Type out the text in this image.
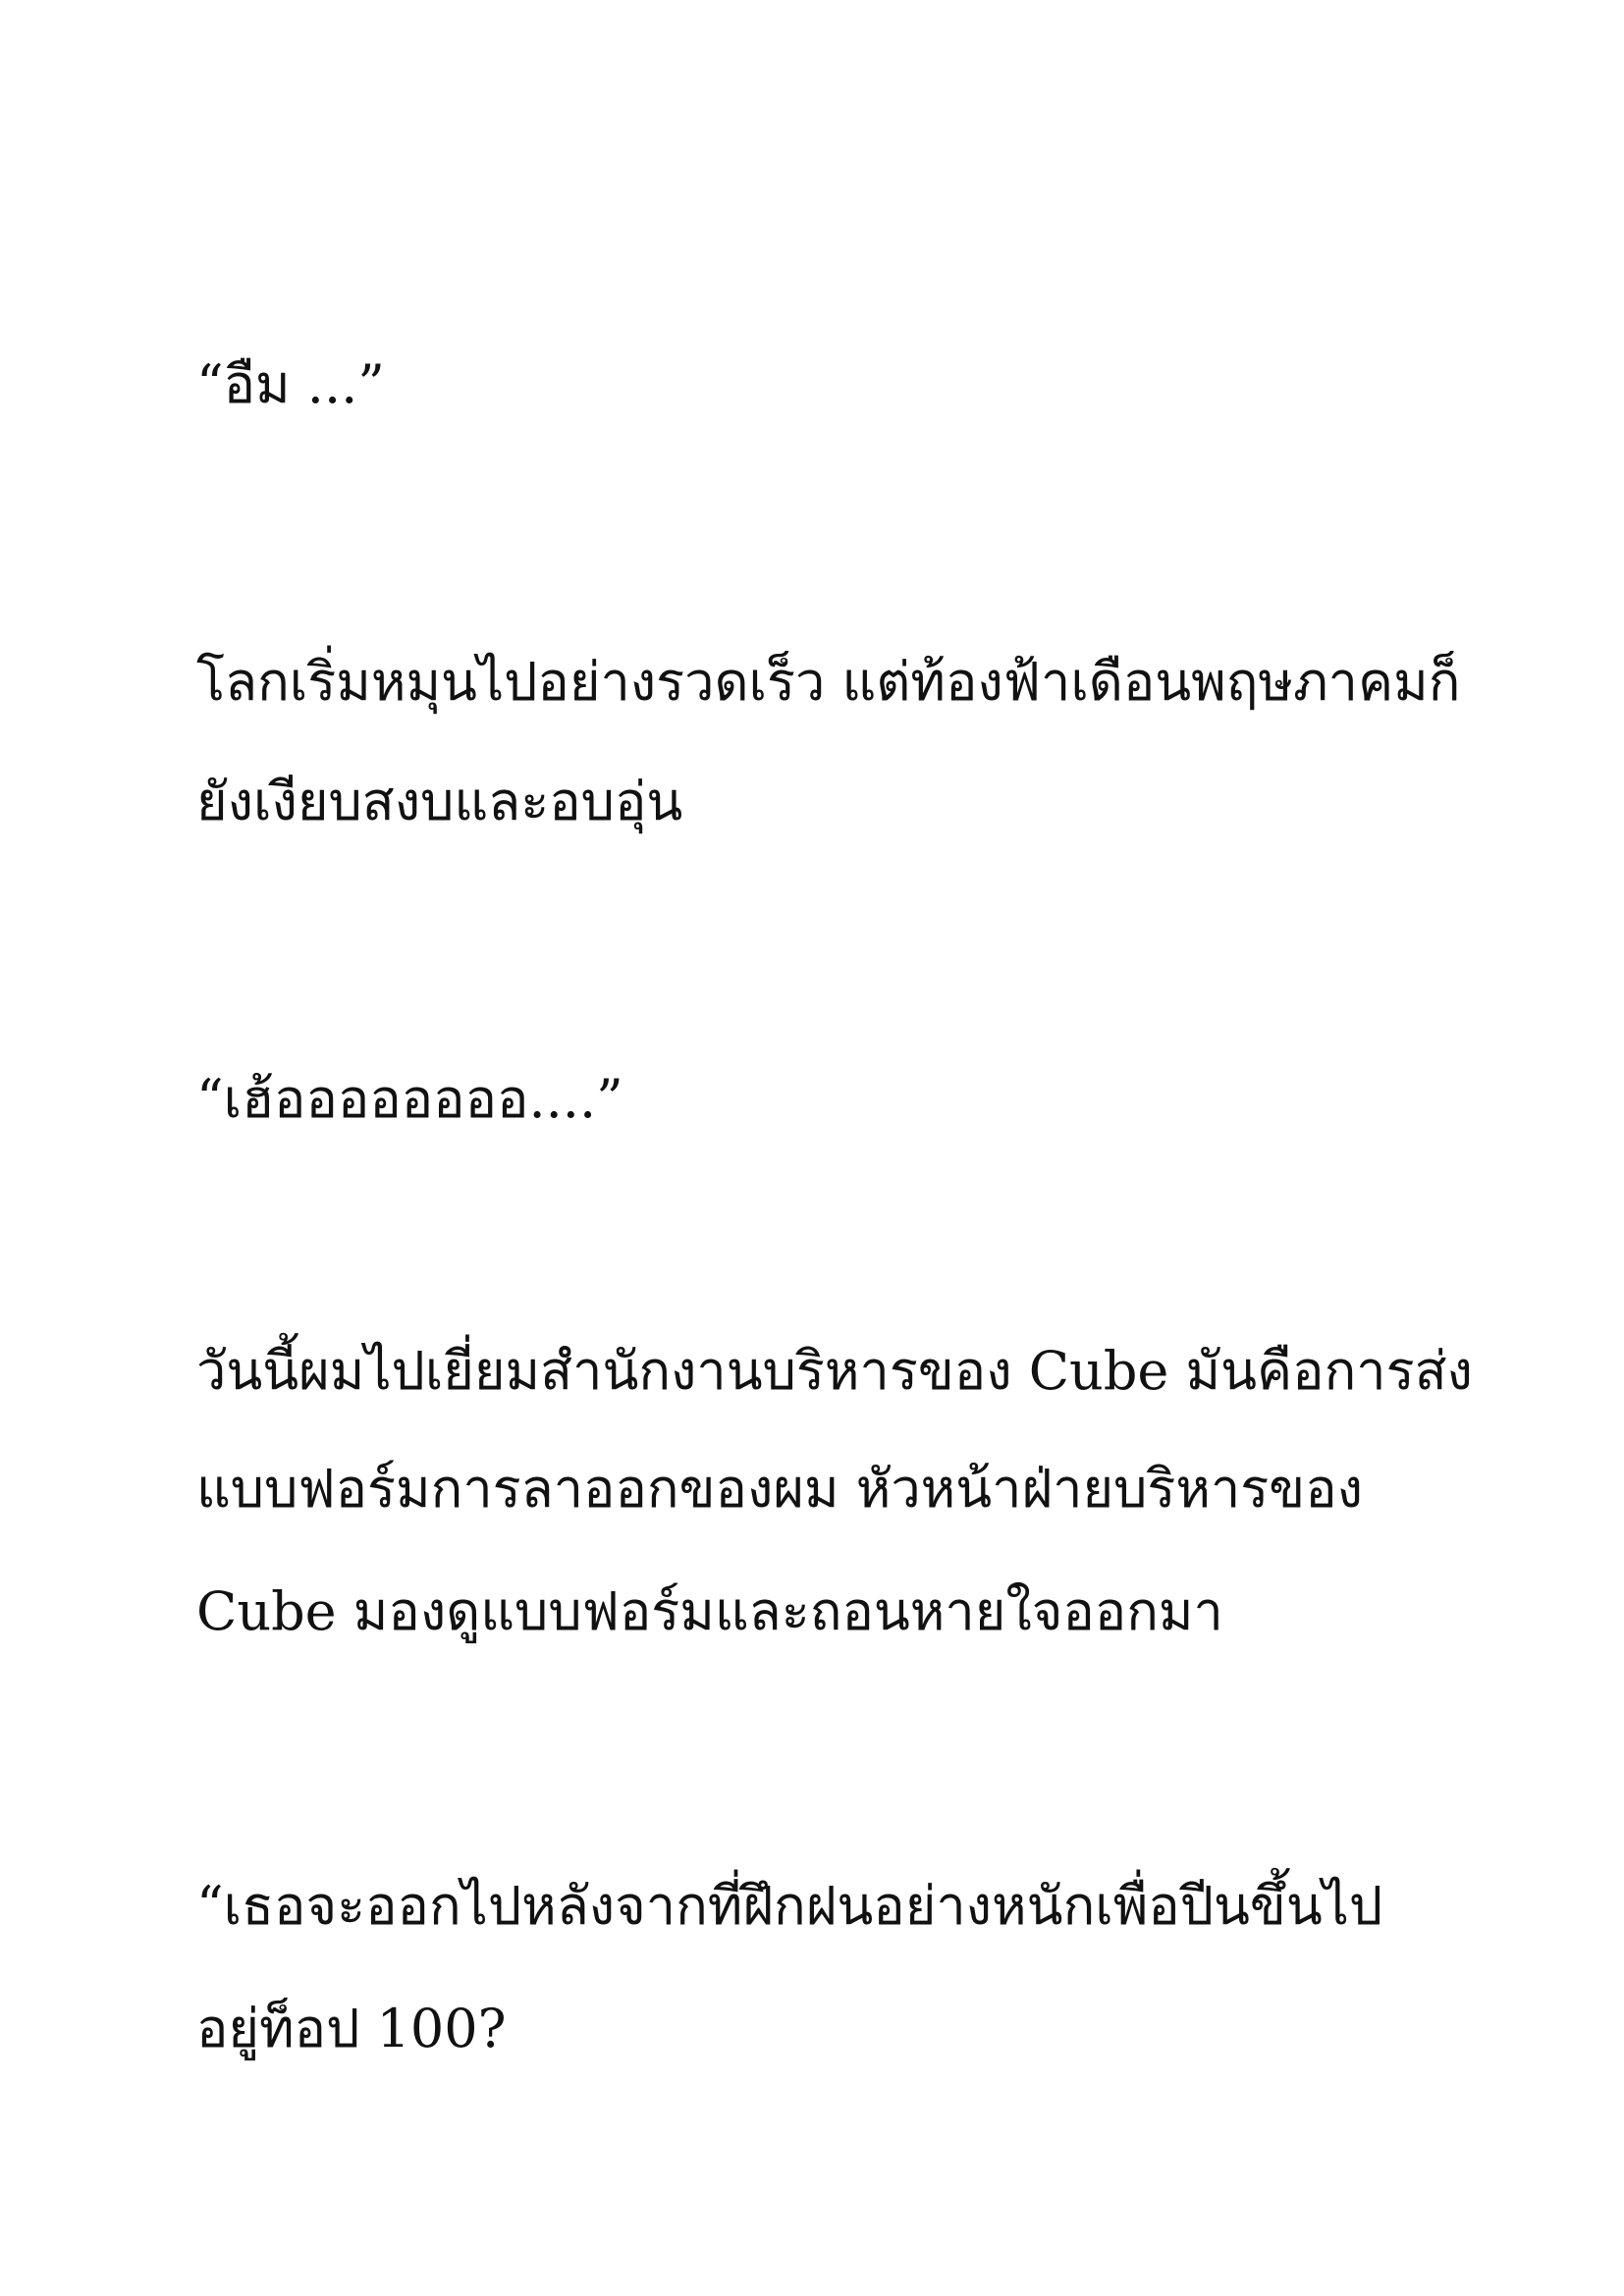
“อืม ...”

โลกเริ่มหมุนไปอย่างรวดเร็ว แต่ท้องฟ้าเดือนพฤษภาคมก็

ยังเงียบสงบและอบอุ่น

“เฮ้ออออออออ....”

วันนี้ผมไปเยี่ยมสำนักงานบริหารของ Cube มันคือการส่ง

แบบฟอร์มการลาออกของผม หัวหน้าฝ่ายบริหารของ

Cube มองดูแบบฟอร์มและถอนหายใจออกมา

“เธอจะออกไปหลังจากที่ฝึกฝนอย่างหนักเพื่อปีนขึ้นไป

อยู่ท็อป 100?
